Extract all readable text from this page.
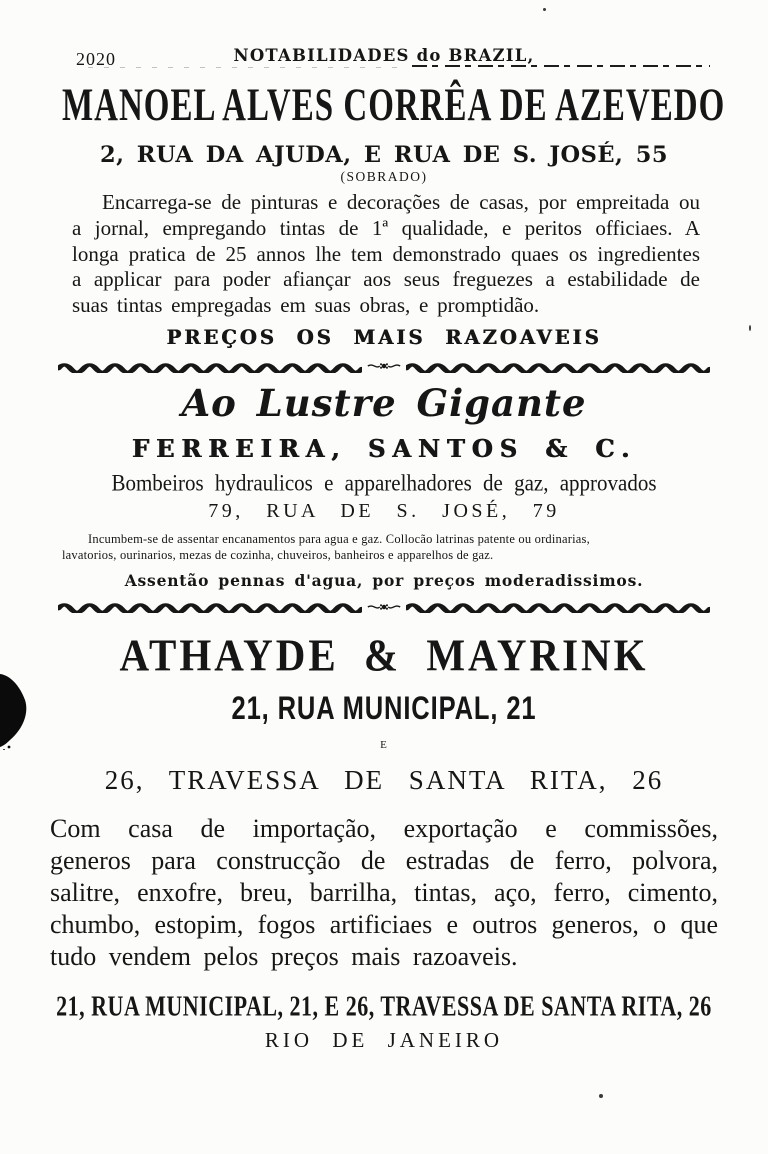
2020	NOTABILIDADES do BRAZIL,
MANOEL ALVES CORRÊA DE AZEVEDO
2, RUA DA AJUDA, E RUA DE S. JOSÉ, 55
(SOBRADO)

Encarrega-se de pinturas e decorações de casas, por empreitada ou a jornal, empregando tintas de 1ª qualidade, e peritos officiaes. A longa pratica de 25 annos lhe tem demonstrado quaes os ingredientes a applicar para poder afiançar aos seus freguezes a estabilidade de suas tintas empregadas em suas obras, e promptidão.

PREÇOS OS MAIS RAZOAVEIS
Ao Lustre Gigante
FERREIRA, SANTOS & C.
Bombeiros hydraulicos e apparelhadores de gaz, approvados
79, RUA DE S. JOSÉ, 79
Incumbem-se de assentar encanamentos para agua e gaz. Collocão latrinas patente ou ordinarias,
lavatorios, ourinarios, mezas de cozinha, chuveiros, banheiros e apparelhos de gaz.
Assentão pennas d'agua, por preços moderadissimos.
ATHAYDE & MAYRINK
21, RUA MUNICIPAL, 21
E
26, TRAVESSA DE SANTA RITA, 26

Com casa de importação, exportação e commissões, generos para construcção de estradas de ferro, polvora, salitre, enxofre, breu, barrilha, tintas, aço, ferro, cimento, chumbo, estopim, fogos artificiaes e outros generos, o que tudo vendem pelos preços mais razoaveis.

21, RUA MUNICIPAL, 21, E 26, TRAVESSA DE SANTA RITA, 26
RIO DE JANEIRO
